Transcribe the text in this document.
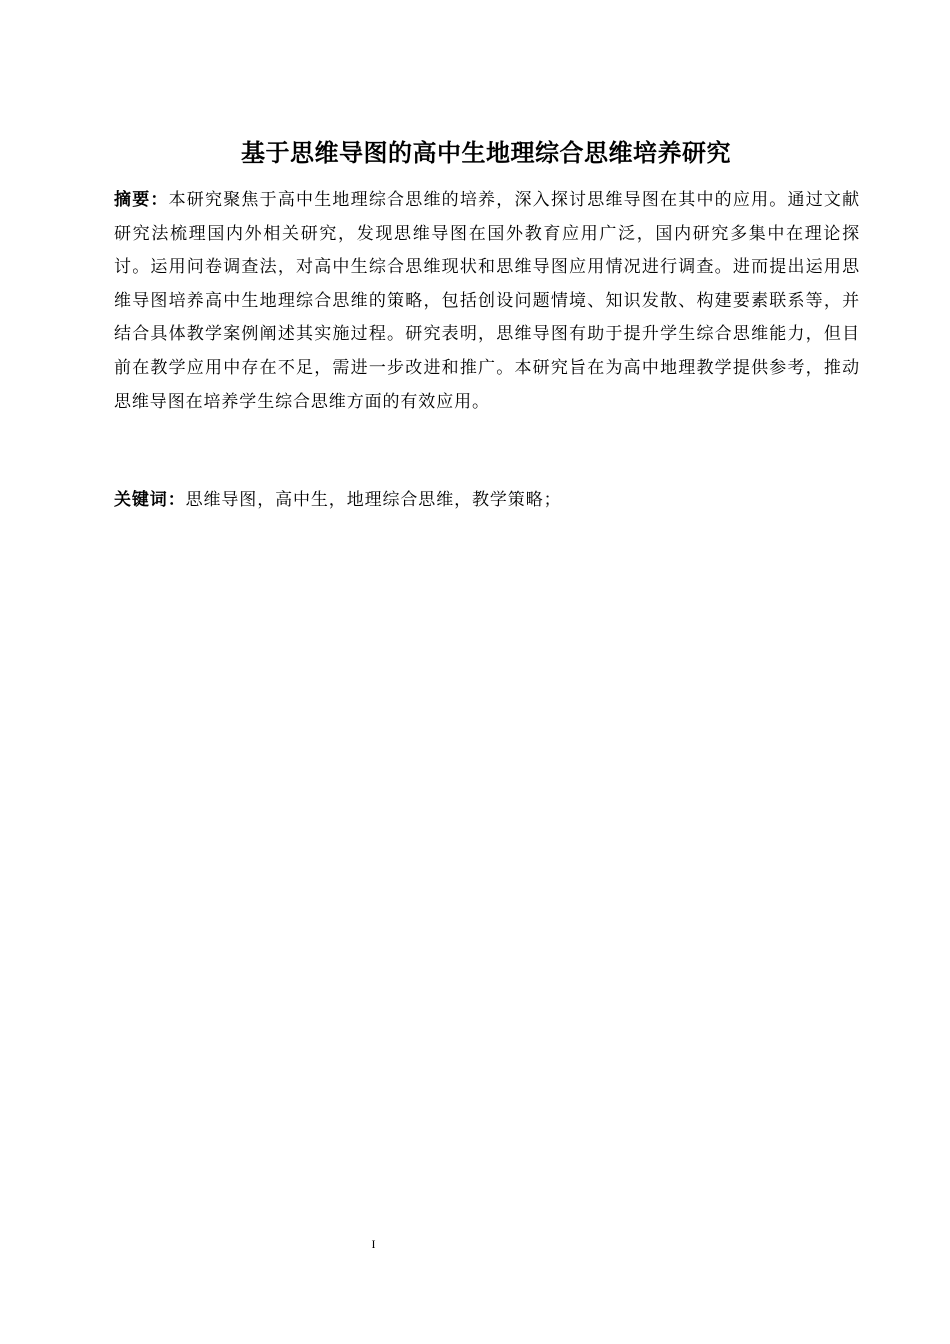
基于思维导图的高中生地理综合思维培养研究
摘要：本研究聚焦于高中生地理综合思维的培养，深入探讨思维导图在其中的应用。通过文献研究法梳理国内外相关研究，发现思维导图在国外教育应用广泛，国内研究多集中在理论探讨。运用问卷调查法，对高中生综合思维现状和思维导图应用情况进行调查。进而提出运用思维导图培养高中生地理综合思维的策略，包括创设问题情境、知识发散、构建要素联系等，并结合具体教学案例阐述其实施过程。研究表明，思维导图有助于提升学生综合思维能力，但目前在教学应用中存在不足，需进一步改进和推广。本研究旨在为高中地理教学提供参考，推动思维导图在培养学生综合思维方面的有效应用。
关键词：思维导图，高中生，地理综合思维，教学策略；
I
